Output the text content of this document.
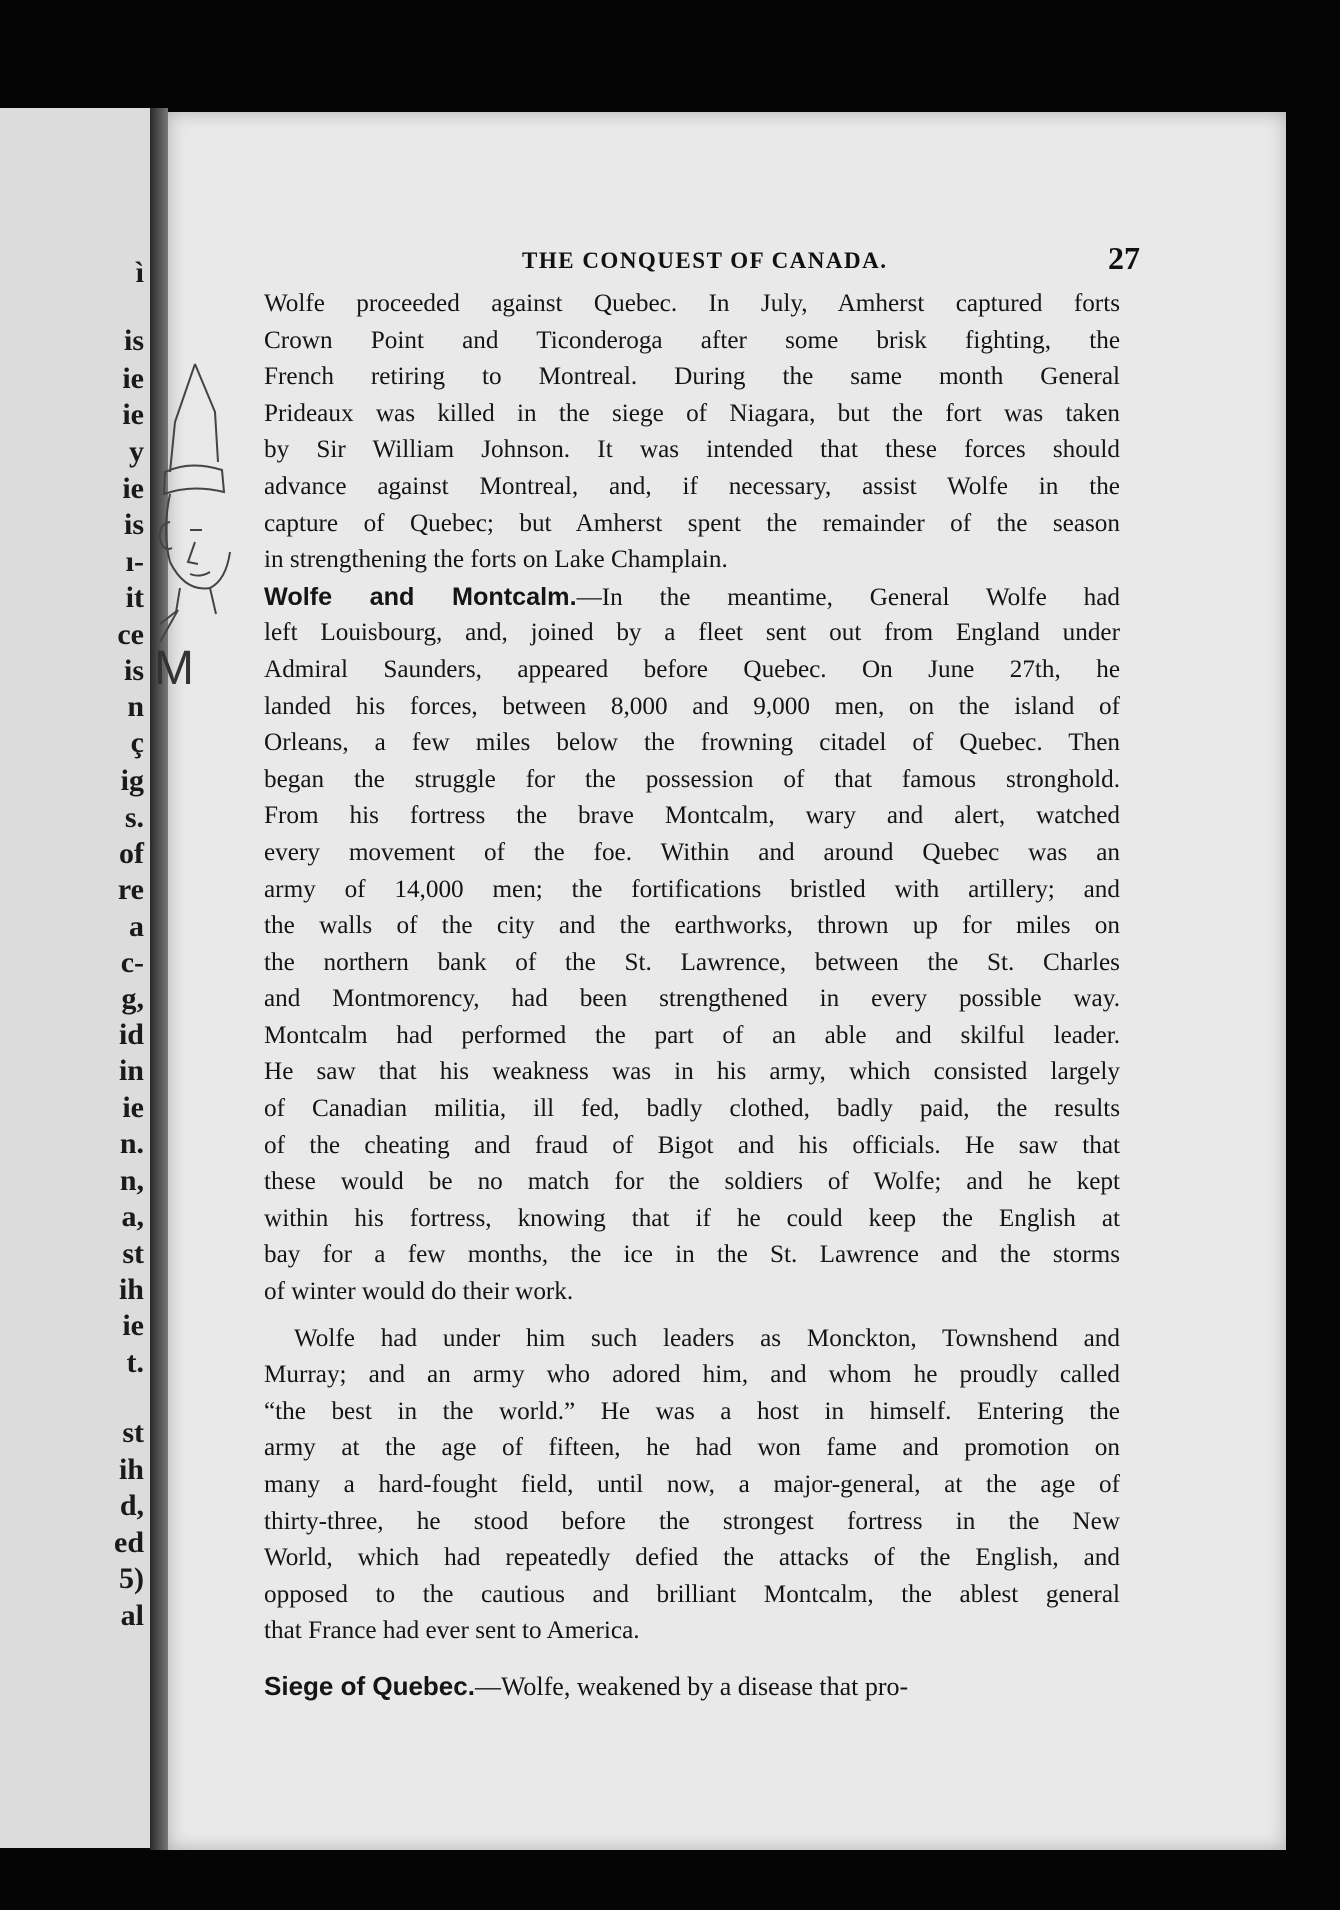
ì
is
ie
ie
y
ie
is
ı-
it
ce
is
n
ç
ig
s.
of
re
a
c-
g,
id
in
ie
n.
n,
a,
st
ih
ie
t.
st
ih
d,
ed
5)
al
THE CONQUEST OF CANADA.	27
M
Wolfe proceeded against Quebec. In July, Amherst captured forts
Crown Point and Ticonderoga after some brisk fighting, the
French retiring to Montreal. During the same month General
Prideaux was killed in the siege of Niagara, but the fort was taken
by Sir William Johnson. It was intended that these forces should
advance against Montreal, and, if necessary, assist Wolfe in the
capture of Quebec; but Amherst spent the remainder of the season
in strengthening the forts on Lake Champlain.
Wolfe and Montcalm.—In the meantime, General Wolfe had
left Louisbourg, and, joined by a fleet sent out from England under
Admiral Saunders, appeared before Quebec. On June 27th, he
landed his forces, between 8,000 and 9,000 men, on the island of
Orleans, a few miles below the frowning citadel of Quebec. Then
began the struggle for the possession of that famous stronghold.
From his fortress the brave Montcalm, wary and alert, watched
every movement of the foe. Within and around Quebec was an
army of 14,000 men; the fortifications bristled with artillery; and
the walls of the city and the earthworks, thrown up for miles on
the northern bank of the St. Lawrence, between the St. Charles
and Montmorency, had been strengthened in every possible way.
Montcalm had performed the part of an able and skilful leader.
He saw that his weakness was in his army, which consisted largely
of Canadian militia, ill fed, badly clothed, badly paid, the results
of the cheating and fraud of Bigot and his officials. He saw that
these would be no match for the soldiers of Wolfe; and he kept
within his fortress, knowing that if he could keep the English at
bay for a few months, the ice in the St. Lawrence and the storms
of winter would do their work.
Wolfe had under him such leaders as Monckton, Townshend and
Murray; and an army who adored him, and whom he proudly called
“the best in the world.” He was a host in himself. Entering the
army at the age of fifteen, he had won fame and promotion on
many a hard-fought field, until now, a major-general, at the age of
thirty-three, he stood before the strongest fortress in the New
World, which had repeatedly defied the attacks of the English, and
opposed to the cautious and brilliant Montcalm, the ablest general
that France had ever sent to America.
Siege of Quebec.—Wolfe, weakened by a disease that pro-
